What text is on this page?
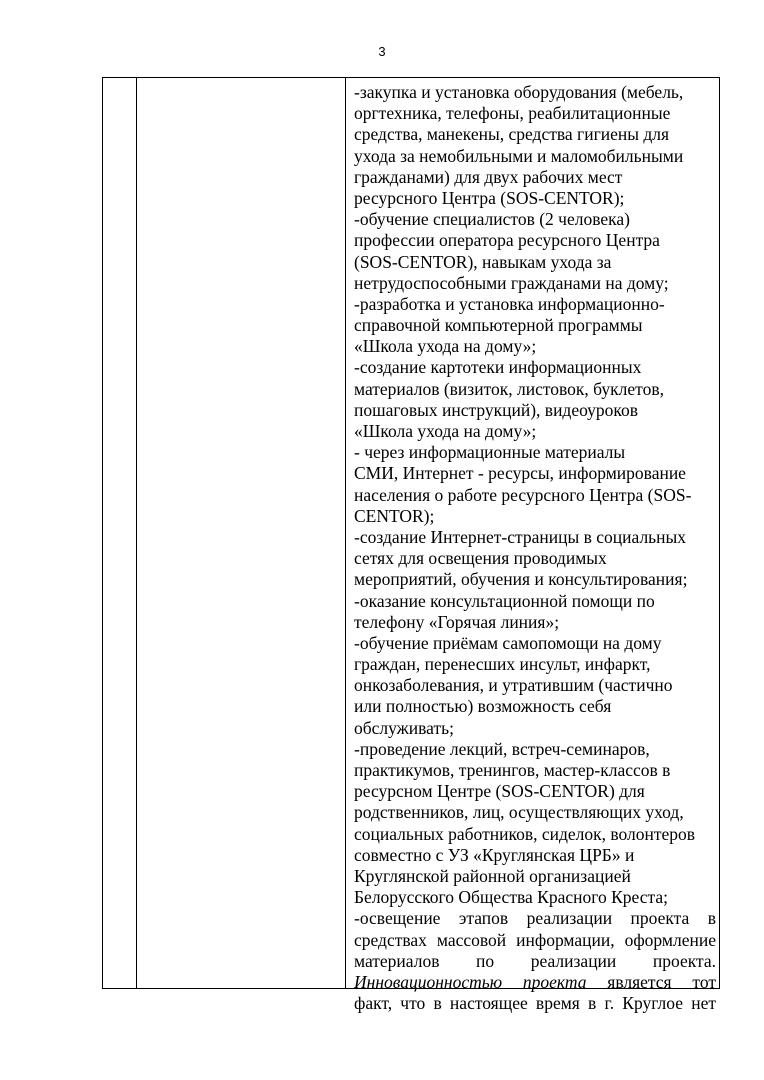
3
-закупка и установка оборудования (мебель,
оргтехника, телефоны, реабилитационные
средства, манекены, средства гигиены для
ухода за немобильными и маломобильными
гражданами) для двух рабочих мест
ресурсного Центра (SOS-CENTOR);
-обучение специалистов (2 человека)
профессии оператора ресурсного Центра
(SOS-CENTOR), навыкам ухода за
нетрудоспособными гражданами на дому;
-разработка и установка информационно-
справочной компьютерной программы
«Школа ухода на дому»;
-создание картотеки информационных
материалов (визиток, листовок, буклетов,
пошаговых инструкций), видеоуроков
«Школа ухода на дому»;
- через информационные материалы
СМИ, Интернет - ресурсы, информирование
населения о работе ресурсного Центра (SOS-
CENTOR);
-создание Интернет-страницы в социальных
сетях для освещения проводимых
мероприятий, обучения и консультирования;
-оказание консультационной помощи по
телефону «Горячая линия»;
-обучение приёмам самопомощи на дому
граждан, перенесших инсульт, инфаркт,
онкозаболевания, и утратившим (частично
или полностью) возможность себя
обслуживать;
-проведение лекций, встреч-семинаров,
практикумов, тренингов, мастер-классов в
ресурсном Центре (SOS-CENTOR) для
родственников, лиц, осуществляющих уход,
социальных работников, сиделок, волонтеров
совместно с УЗ «Круглянская ЦРБ» и
Круглянской районной организацией
Белорусского Общества Красного Креста;
-освещение этапов реализации проекта в
средствах массовой информации, оформление
материалов по реализации проекта.
Инновационностью проекта является тот
факт, что в настоящее время в г. Круглое нет
